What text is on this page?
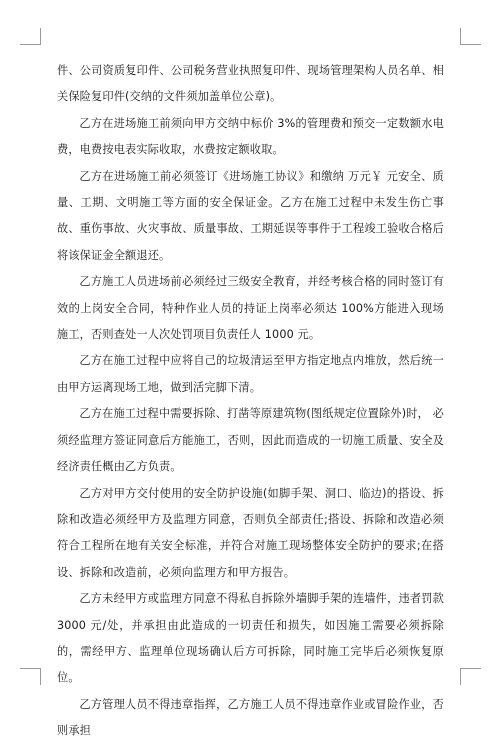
件、公司资质复印件、公司税务营业执照复印件、现场管理架构人员名单、相关保险复印件(交纳的文件须加盖单位公章)。

乙方在进场施工前须向甲方交纳中标价 3%的管理费和预交一定数额水电费，电费按电表实际收取，水费按定额收取。

乙方在进场施工前必须签订《进场施工协议》和缴纳 万元￥ 元安全、质量、工期、文明施工等方面的安全保证金。乙方在施工过程中未发生伤亡事故、重伤事故、火灾事故、质量事故、工期延误等事件于工程竣工验收合格后将该保证金全额退还。

乙方施工人员进场前必须经过三级安全教育，并经考核合格的同时签订有效的上岗安全合同，特种作业人员的持证上岗率必须达 100%方能进入现场施工，否则查处一人次处罚项目负责任人 1000 元。

乙方在施工过程中应将自己的垃圾清运至甲方指定地点内堆放，然后统一由甲方运离现场工地，做到活完脚下清。

乙方在施工过程中需要拆除、打凿等原建筑物(图纸规定位置除外)时， 必须经监理方签证同意后方能施工，否则，因此而造成的一切施工质量、安全及经济责任概由乙方负责。

乙方对甲方交付使用的安全防护设施(如脚手架、洞口、临边)的搭设、拆除和改造必须经甲方及监理方同意，否则负全部责任;搭设、拆除和改造必须符合工程所在地有关安全标准，并符合对施工现场整体安全防护的要求;在搭设、拆除和改造前，必须向监理方和甲方报告。

乙方未经甲方或监理方同意不得私自拆除外墙脚手架的连墙件，违者罚款 3000 元/处，并承担由此造成的一切责任和损失，如因施工需要必须拆除的，需经甲方、监理单位现场确认后方可拆除，同时施工完毕后必须恢复原位。

乙方管理人员不得违章指挥，乙方施工人员不得违章作业或冒险作业，否则承担
